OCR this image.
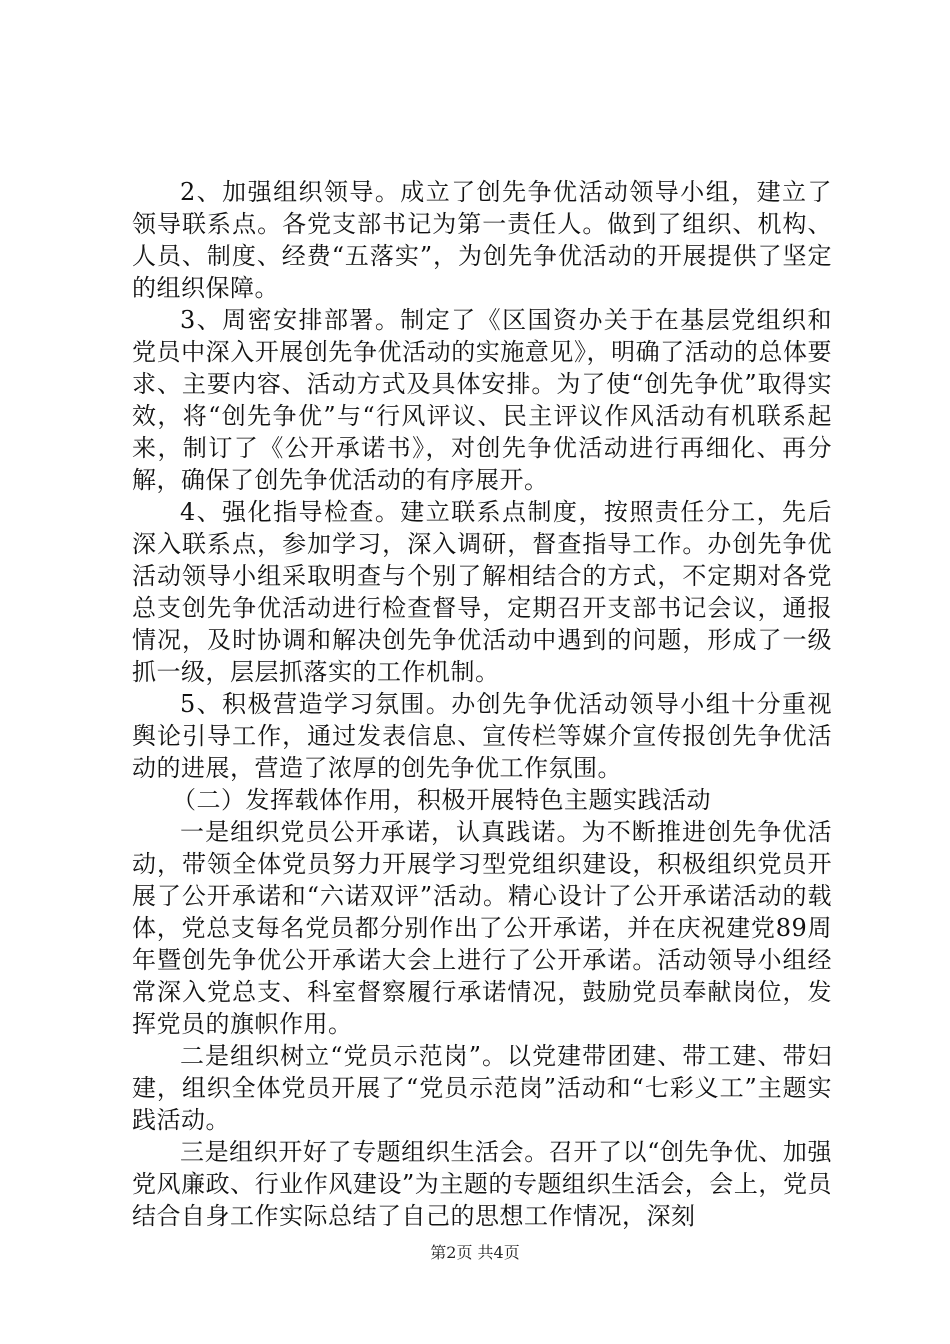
2、加强组织领导。成立了创先争优活动领导小组，建立了领导联系点。各党支部书记为第一责任人。做到了组织、机构、人员、制度、经费“五落实”，为创先争优活动的开展提供了坚定的组织保障。

3、周密安排部署。制定了《区国资办关于在基层党组织和党员中深入开展创先争优活动的实施意见》，明确了活动的总体要求、主要内容、活动方式及具体安排。为了使“创先争优”取得实效，将“创先争优”与“行风评议、民主评议作风活动有机联系起来，制订了《公开承诺书》，对创先争优活动进行再细化、再分解，确保了创先争优活动的有序展开。

4、强化指导检查。建立联系点制度，按照责任分工，先后深入联系点，参加学习，深入调研，督查指导工作。办创先争优活动领导小组采取明查与个别了解相结合的方式，不定期对各党总支创先争优活动进行检查督导，定期召开支部书记会议，通报情况，及时协调和解决创先争优活动中遇到的问题，形成了一级抓一级，层层抓落实的工作机制。

5、积极营造学习氛围。办创先争优活动领导小组十分重视舆论引导工作，通过发表信息、宣传栏等媒介宣传报创先争优活动的进展，营造了浓厚的创先争优工作氛围。

（二）发挥载体作用，积极开展特色主题实践活动

一是组织党员公开承诺，认真践诺。为不断推进创先争优活动，带领全体党员努力开展学习型党组织建设，积极组织党员开展了公开承诺和“六诺双评”活动。精心设计了公开承诺活动的载体，党总支每名党员都分别作出了公开承诺，并在庆祝建党89周年暨创先争优公开承诺大会上进行了公开承诺。活动领导小组经常深入党总支、科室督察履行承诺情况，鼓励党员奉献岗位，发挥党员的旗帜作用。

二是组织树立“党员示范岗”。以党建带团建、带工建、带妇建，组织全体党员开展了“党员示范岗”活动和“七彩义工”主题实践活动。

三是组织开好了专题组织生活会。召开了以“创先争优、加强党风廉政、行业作风建设”为主题的专题组织生活会，会上，党员结合自身工作实际总结了自己的思想工作情况，深刻

第2页 共4页
